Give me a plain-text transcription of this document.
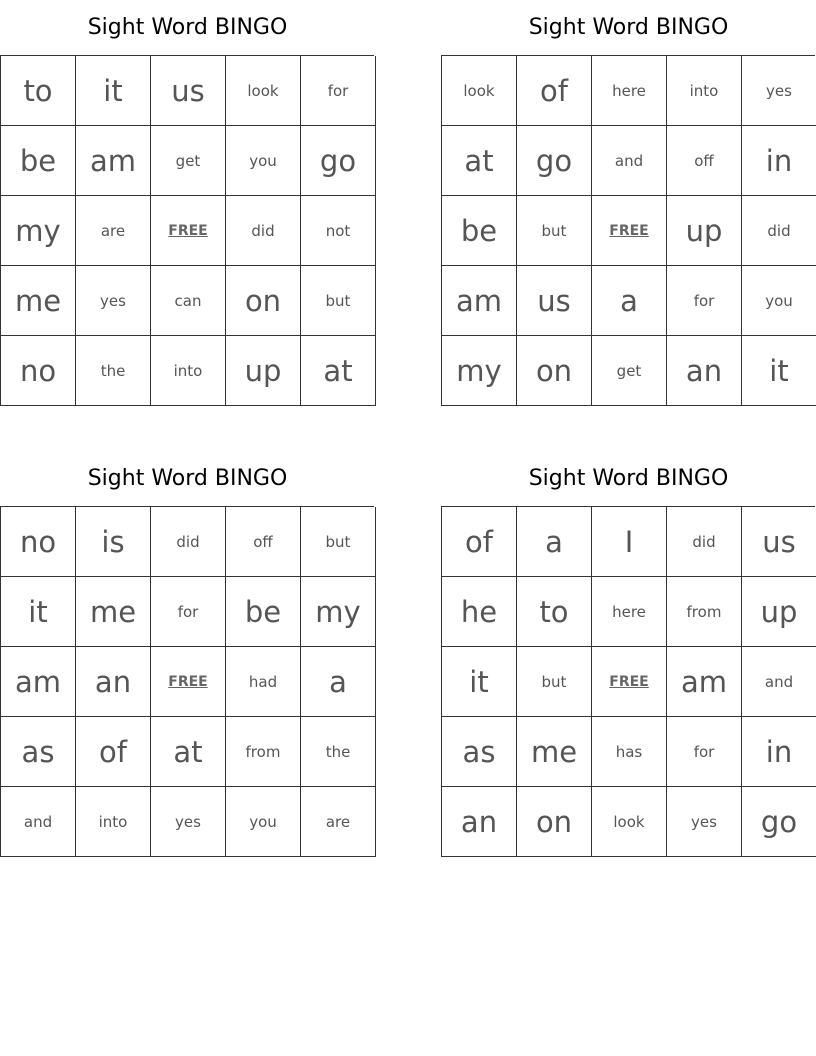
Sight Word BINGO
to	it	us	look	for
be	am	get	you	go
my	are	FREE	did	not
me	yes	can	on	but
no	the	into	up	at
Sight Word BINGO
look	of	here	into	yes
at	go	and	off	in
be	but	FREE	up	did
am	us	a	for	you
my	on	get	an	it
Sight Word BINGO
no	is	did	off	but
it	me	for	be	my
am	an	FREE	had	a
as	of	at	from	the
and	into	yes	you	are
Sight Word BINGO
of	a	I	did	us
he	to	here	from	up
it	but	FREE	am	and
as	me	has	for	in
an	on	look	yes	go
